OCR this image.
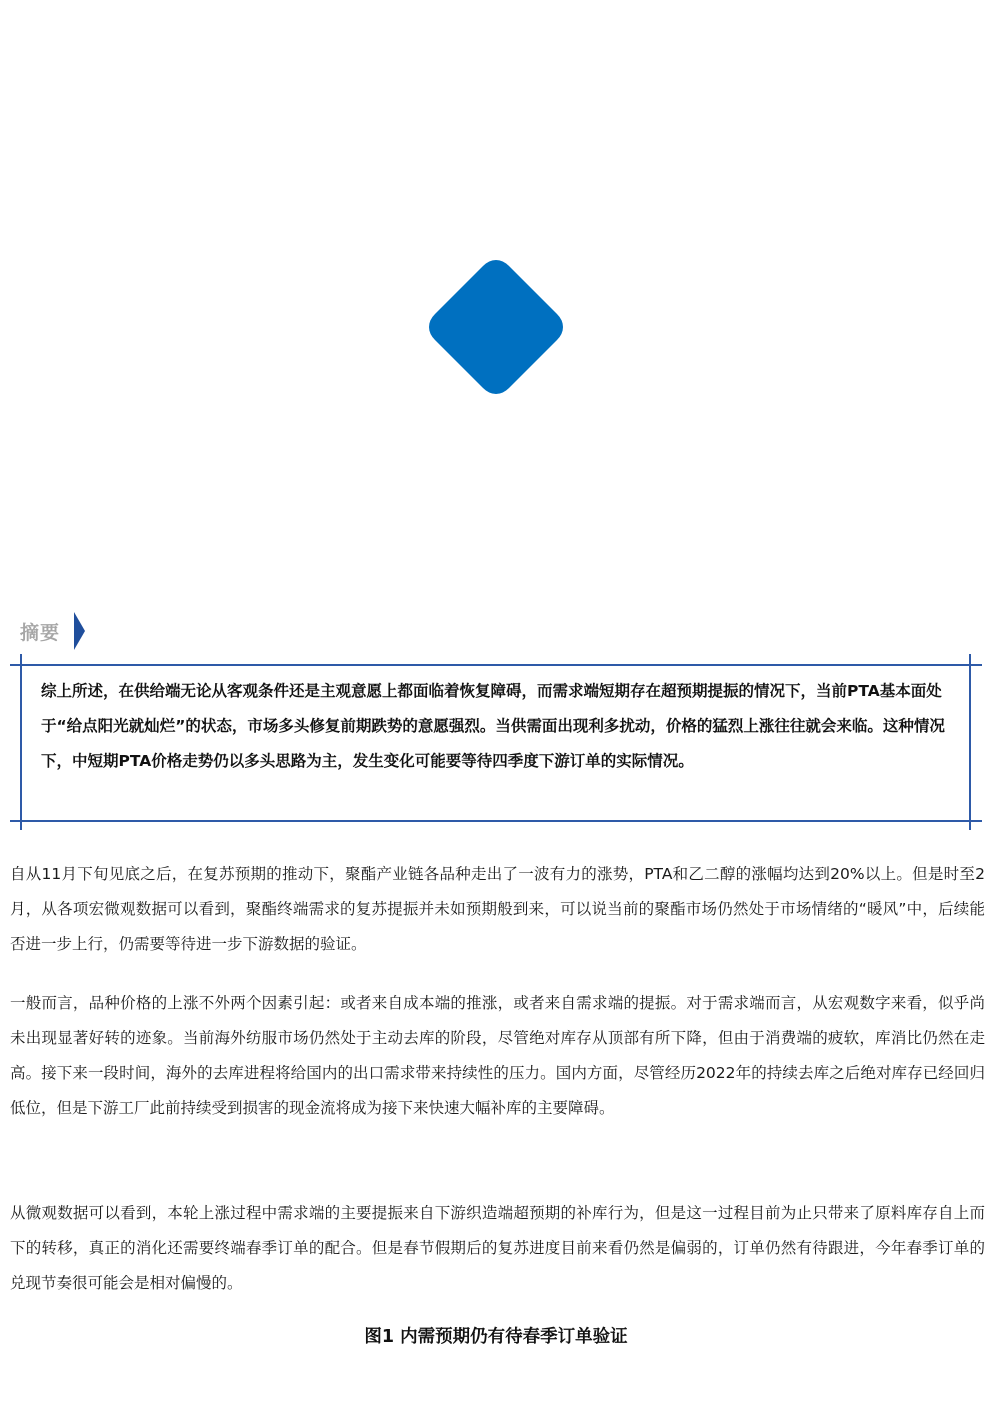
摘要

综上所述，在供给端无论从客观条件还是主观意愿上都面临着恢复障碍，而需求端短期存在超预期提振的情况下，当前PTA基本面处于“给点阳光就灿烂”的状态，市场多头修复前期跌势的意愿强烈。当供需面出现利多扰动，价格的猛烈上涨往往就会来临。这种情况下，中短期PTA价格走势仍以多头思路为主，发生变化可能要等待四季度下游订单的实际情况。

自从11月下旬见底之后，在复苏预期的推动下，聚酯产业链各品种走出了一波有力的涨势，PTA和乙二醇的涨幅均达到20%以上。但是时至2月，从各项宏微观数据可以看到，聚酯终端需求的复苏提振并未如预期般到来，可以说当前的聚酯市场仍然处于市场情绪的“暖风”中，后续能否进一步上行，仍需要等待进一步下游数据的验证。

一般而言，品种价格的上涨不外两个因素引起：或者来自成本端的推涨，或者来自需求端的提振。对于需求端而言，从宏观数字来看，似乎尚未出现显著好转的迹象。当前海外纺服市场仍然处于主动去库的阶段，尽管绝对库存从顶部有所下降，但由于消费端的疲软，库消比仍然在走高。接下来一段时间，海外的去库进程将给国内的出口需求带来持续性的压力。国内方面，尽管经历2022年的持续去库之后绝对库存已经回归低位，但是下游工厂此前持续受到损害的现金流将成为接下来快速大幅补库的主要障碍。

从微观数据可以看到，本轮上涨过程中需求端的主要提振来自下游织造端超预期的补库行为，但是这一过程目前为止只带来了原料库存自上而下的转移，真正的消化还需要终端春季订单的配合。但是春节假期后的复苏进度目前来看仍然是偏弱的，订单仍然有待跟进，今年春季订单的兑现节奏很可能会是相对偏慢的。

图1 内需预期仍有待春季订单验证
